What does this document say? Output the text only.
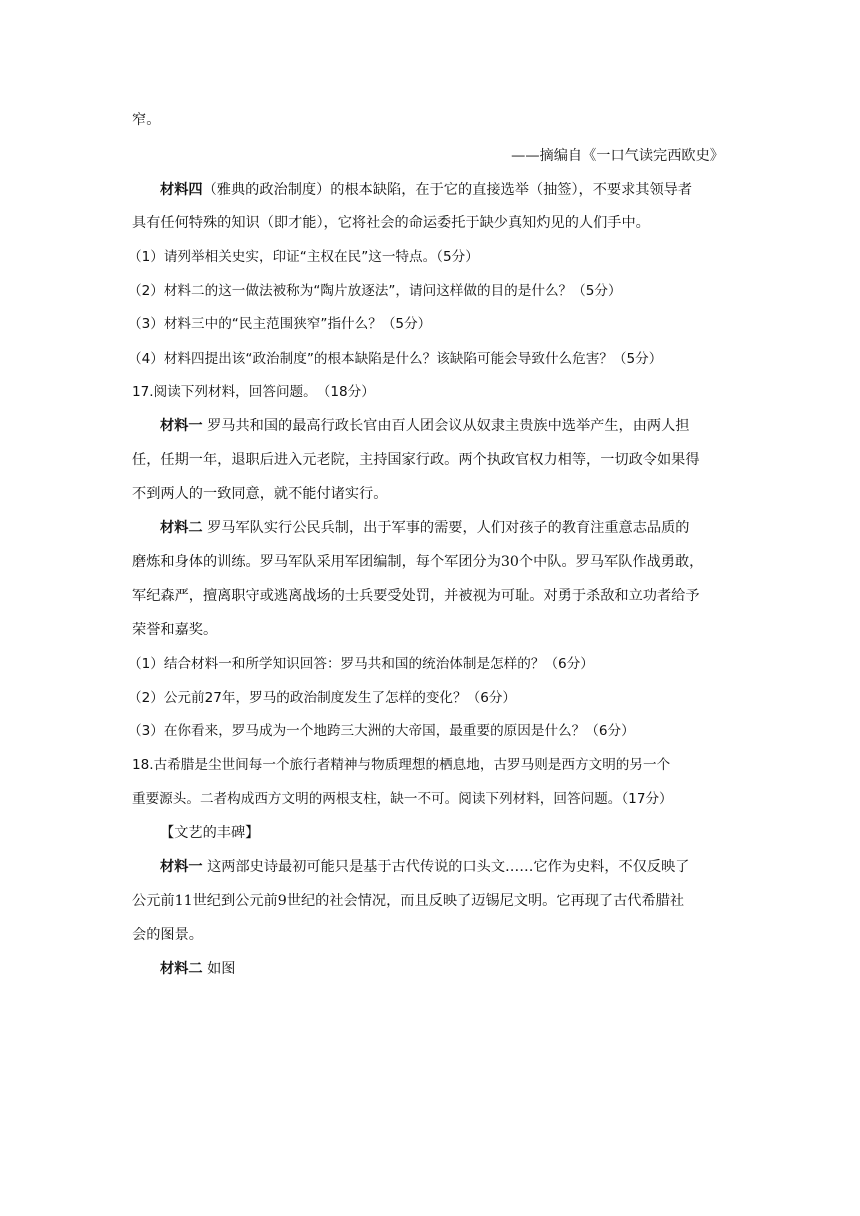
窄。
——摘编自《一口气读完西欧史》
材料四（雅典的政治制度）的根本缺陷，在于它的直接选举（抽签），不要求其领导者
具有任何特殊的知识（即才能），它将社会的命运委托于缺少真知灼见的人们手中。
（1）请列举相关史实，印证“主权在民”这一特点。（5分）
（2）材料二的这一做法被称为“陶片放逐法”，请问这样做的目的是什么？（5分）
（3）材料三中的“民主范围狭窄”指什么？（5分）
（4）材料四提出该“政治制度”的根本缺陷是什么？该缺陷可能会导致什么危害？（5分）
17.阅读下列材料，回答问题。　（18分）
材料一 罗马共和国的最高行政长官由百人团会议从奴隶主贵族中选举产生，由两人担
任，任期一年，退职后进入元老院，主持国家行政。两个执政官权力相等，一切政令如果得
不到两人的一致同意，就不能付诸实行。
材料二 罗马军队实行公民兵制，出于军事的需要，人们对孩子的教育注重意志品质的
磨炼和身体的训练。罗马军队采用军团编制，每个军团分为30个中队。罗马军队作战勇敢，
军纪森严，擅离职守或逃离战场的士兵要受处罚，并被视为可耻。对勇于杀敌和立功者给予
荣誉和嘉奖。
（1）结合材料一和所学知识回答：罗马共和国的统治体制是怎样的？（6分）
（2）公元前27年，罗马的政治制度发生了怎样的变化？（6分）
（3）在你看来，罗马成为一个地跨三大洲的大帝国，最重要的原因是什么？（6分）
18.古希腊是尘世间每一个旅行者精神与物质理想的栖息地，古罗马则是西方文明的另一个
重要源头。二者构成西方文明的两根支柱，缺一不可。阅读下列材料，回答问题。（17分）
【文艺的丰碑】
材料一 这两部史诗最初可能只是基于古代传说的口头文……它作为史料，不仅反映了
公元前11世纪到公元前9世纪的社会情况，而且反映了迈锡尼文明。它再现了古代希腊社
会的图景。
材料二 如图
